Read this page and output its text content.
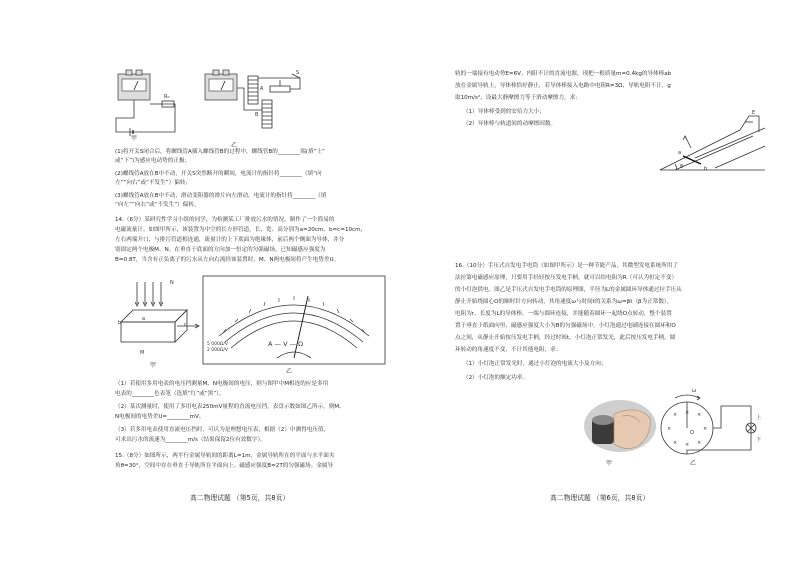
甲
乙
R₀
S
A
B
(1)将开关S闭合后，将螺线管A插入螺线管B的过程中，螺线管B的________端(填“上”
或“下”)为感应电动势的正极；
(2)螺线管A放在B中不动，开关S突然断开的瞬间，电流计的指针将________（填“向
左”“向右”或“不发生”）偏转；
(3)螺线管A放在B中不动，滑动变阻器的滑片向左滑动，电流计的指针将________（填
“向左”“向右”或“不发生”）偏转。
14.（6分）某研究性学习小组的同学，为检测某工厂排放污水的情况，制作了一个简易的
电磁流量计。如图甲所示，该装置为中空的长方形管道，长、宽、高分别为a=20cm、b=c=10cm，
左右两端开口，与排污管道相连通，流量计的上下底面为绝缘体，前后两个侧面为导体，并分
别固定两个电极M、N。在垂直于底面的方向加一恒定的匀强磁场，已知磁感应强度为
B=0.8T，当含有正负离子的污水从左向右流经该装置时，M、N两电极间将产生电势差U。
N
b
a
c
M
甲
A — V — Ω
5 000Ω/V
2 000Ω/V
乙
（1）若使用多用电表的电压挡测量M、N电极间的电压，则与图甲中M相连的应是多用
电表的________色表笔（选填“红”或“黑”）。
（2）某次测量时，使用了多用电表250mV量程的直流电压挡，表盘示数如图乙所示，则M、
N电极间的电势差U=________mV。
（3）若多用电表使用直流电压挡时，可认为是理想电压表，根据（2）中测得电压值，
可求出污水的流速为________m/s（结果保留2位有效数字）。
15.（8分）如图所示，两平行金属导轨间的距离L=1m，金属导轨所在的平面与水平面夹
角θ=30°，空间中存在垂直于导轨所在平面向上、磁感应强度B=2T的匀强磁场。金属导
高二物理试题 （第5页，共8页）
轨的一端接有电动势E=6V、内阻不计的直流电源。现把一根质量m=0.4kg的导体棒ab
放在金属导轨上，导体棒恰好静止，若导体棒接入电路中电阻R=3Ω，导轨电阻不计，g
取10m/s²，设最大静摩擦力等于滑动摩擦力，求：
（1）导体棒受到的安培力大小；
（2）导体棒与轨道间的动摩擦因数。
a
b
E
θ
16.（10分）手压式自发电手电筒（如图甲所示）是一种节能产品，其微型发电系统所用了
法拉第电磁感应原理，只要用手轻轻按压发电手柄，就可以给电阻为R（可认为恒定不变）
的小灯泡供电。图乙是手压式自发电手电筒的原理图，半径为L的金属圆环导体通过拉手压从
静止开始绕圆心O的顺时针方向转动，其角速度ω与时间t的关系为ω=βt（β为正常数）。
电阻为r、长度为L的导体棒，一端与圆环连接，并能随着圆环一起绕O点转动，整个装置
置于垂直于纸面向里、磁感应强度大小为B的匀强磁场中。小灯泡通过电刷连接在圆环和O
点之间，从静止开始按压发电手柄，经过时间t，小灯泡正常发光，此后按压发电手柄，圆
环转动的角速度不变，不计其他电阻，求：
（1）小灯泡正常发光时，通过小灯泡的电流大小及方向；
（2）小灯泡的额定功率。
甲
× × ×
×	×
× × ×
ω
O
上
下
乙
高二物理试题 （第6页，共8页）
